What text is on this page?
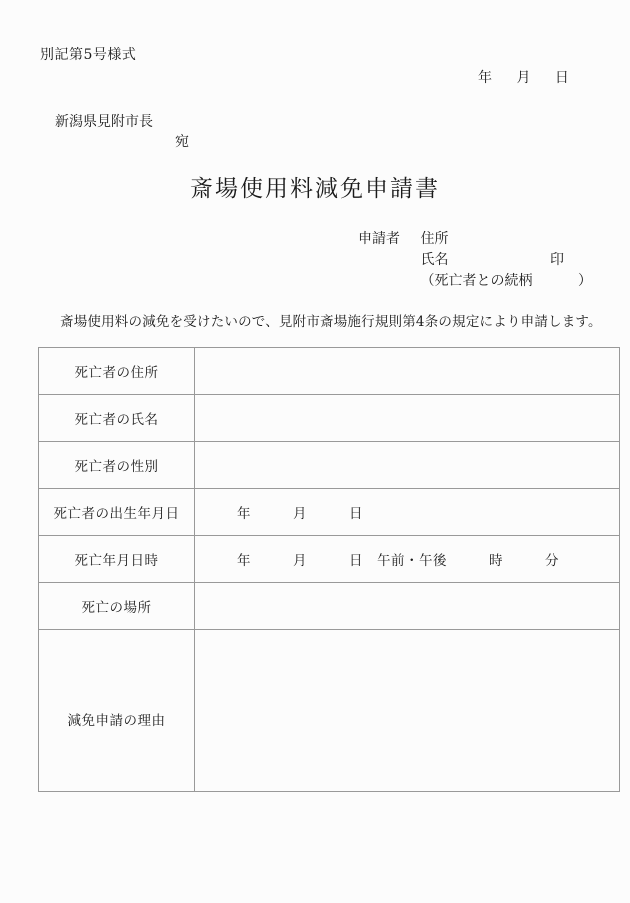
別記第5号様式
年 月 日
新潟県見附市長
宛
斎場使用料減免申請書
申請者 住所
氏名	印
（死亡者との続柄	）
斎場使用料の減免を受けたいので、見附市斎場施行規則第4条の規定により申請します。
死亡者の住所	
死亡者の氏名	
死亡者の性別	
死亡者の出生年月日	年　　　月　　　日
死亡年月日時	年　　　月　　　日　午前・午後　　　時　　　分
死亡の場所	
減免申請の理由	
